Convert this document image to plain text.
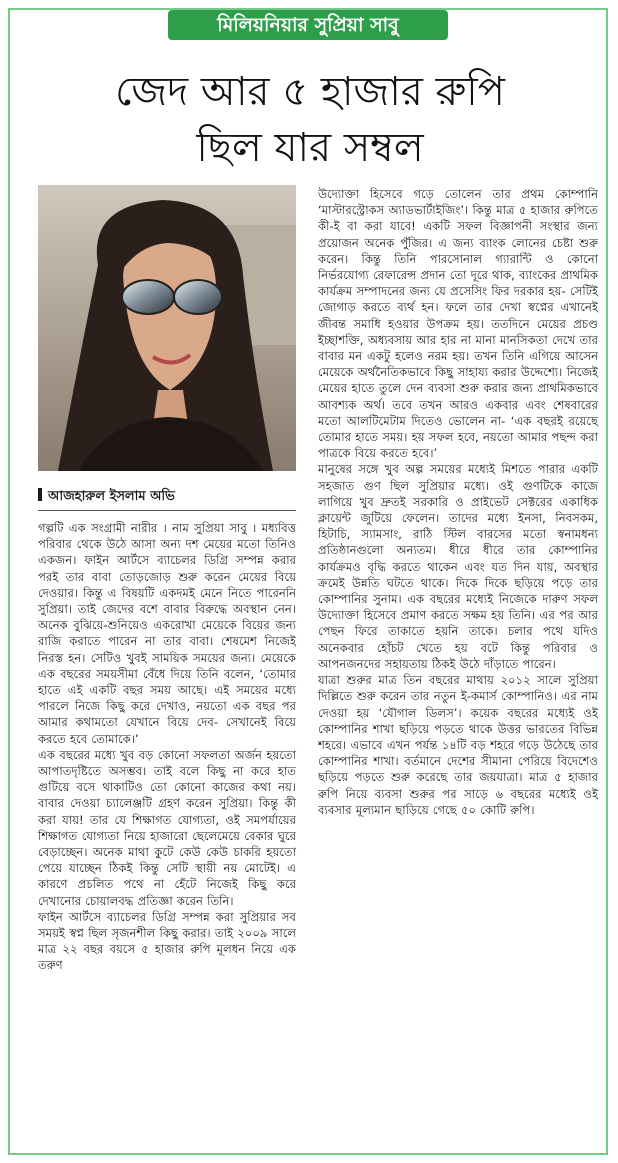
মিলিয়নিয়ার সুপ্রিয়া সাবু
জেদ আর ৫ হাজার রুপি
ছিল যার সম্বল
আজহারুল ইসলাম অভি

গল্পটি এক সংগ্রামী নারীর । নাম সুপ্রিয়া সাবু । মধ্যবিত্ত পরিবার থেকে উঠে আসা অন্য দশ মেয়ের মতো তিনিও একজন। ফাইন আর্টসে ব্যাচেলর ডিগ্রি সম্পন্ন করার পরই তার বাবা তোড়জোড় শুরু করেন মেয়ের বিয়ে দেওয়ার। কিন্তু এ বিষয়টি একদমই মেনে নিতে পারেননি সুপ্রিয়া। তাই জেদের বশে বাবার বিরুদ্ধে অবস্থান নেন। অনেক বুঝিয়ে-শুনিয়েও একরোখা মেয়েকে বিয়ের জন্য রাজি করাতে পারেন না তার বাবা। শেষমেশ নিজেই নিরস্ত হন। সেটিও খুবই সাময়িক সময়ের জন্য। মেয়েকে এক বছরের সময়সীমা বেঁধে দিয়ে তিনি বলেন, ‘তোমার হাতে এই একটি বছর সময় আছে। এই সময়ের মধ্যে পারলে নিজে কিছু করে দেখাও, নয়তো এক বছর পর আমার কথামতো যেখানে বিয়ে দেব- সেখানেই বিয়ে করতে হবে তোমাকে।’

এক বছরের মধ্যে খুব বড় কোনো সফলতা অর্জন হয়তো আপাতদৃষ্টিতে অসম্ভব। তাই বলে কিছু না করে হাত গুটিয়ে বসে থাকাটিও তো কোনো কাজের কথা নয়। বাবার দেওয়া চ্যালেঞ্জটি গ্রহণ করেন সুপ্রিয়া। কিন্তু কী করা যায়! তার যে শিক্ষাগত যোগ্যতা, ওই সমপর্যায়ের শিক্ষাগত যোগ্যতা নিয়ে হাজারো ছেলেমেয়ে বেকার ঘুরে বেড়াচ্ছেন। অনেক মাথা কুটে কেউ কেউ চাকরি হয়তো পেয়ে যাচ্ছেন ঠিকই কিন্তু সেটি স্থায়ী নয় মোটেই। এ কারণে প্রচলিত পথে না হেঁটে নিজেই কিছু করে দেখানোর চোয়ালবদ্ধ প্রতিজ্ঞা করেন তিনি।

ফাইন আর্টসে ব্যাচেলর ডিগ্রি সম্পন্ন করা সুপ্রিয়ার সব সময়ই স্বপ্ন ছিল সৃজনশীল কিছু করার। তাই ২০০৯ সালে মাত্র ২২ বছর বয়সে ৫ হাজার রুপি মূলধন নিয়ে এক তরুণ

উদ্যোক্তা হিসেবে গড়ে তোলেন তার প্রথম কোম্পানি ‘মাস্টারস্ট্রোকস অ্যাডভার্টাইজিং’। কিন্তু মাত্র ৫ হাজার রুপিতে কী-ই বা করা যাবে! একটি সফল বিজ্ঞাপনী সংস্থার জন্য প্রয়োজন অনেক পুঁজির। এ জন্য ব্যাংক লোনের চেষ্টা শুরু করেন। কিন্তু তিনি পারসোনাল গ্যারান্টি ও কোনো নির্ভরযোগ্য রেফারেন্স প্রদান তো দূরে থাক, ব্যাংকের প্রাথমিক কার্যক্রম সম্পাদনের জন্য যে প্রসেসিং ফির দরকার হয়- সেটিই জোগাড় করতে ব্যর্থ হন। ফলে তার দেখা স্বপ্নের এখানেই জীবন্ত সমাধি হওয়ার উপক্রম হয়। ততদিনে মেয়ের প্রচণ্ড ইচ্ছাশক্তি, অধ্যবসায় আর হার না মানা মানসিকতা দেখে তার বাবার মন একটু হলেও নরম হয়। তখন তিনি এগিয়ে আসেন মেয়েকে অর্থনৈতিকভাবে কিছু সাহায্য করার উদ্দেশ্যে। নিজেই মেয়ের হাতে তুলে দেন ব্যবসা শুরু করার জন্য প্রাথমিকভাবে আবশ্যক অর্থ। তবে তখন আরও একবার এবং শেষবারের মতো আলটিমেটাম দিতেও ভোলেন না- ‘এক বছরই রয়েছে তোমার হাতে সময়। হয় সফল হবে, নয়তো আমার পছন্দ করা পাত্রকে বিয়ে করতে হবে।’

মানুষের সঙ্গে খুব অল্প সময়ের মধ্যেই মিশতে পারার একটি সহজাত গুণ ছিল সুপ্রিয়ার মধ্যে। ওই গুণটিকে কাজে লাগিয়ে খুব দ্রুতই সরকারি ও প্রাইভেট সেক্টরের একাধিক ক্লায়েন্ট জুটিয়ে ফেলেন। তাদের মধ্যে ইনসা, নিবসকম, হিটাচি, স্যামসাং, রাঠি স্টিল বারসের মতো স্বনামধন্য প্রতিষ্ঠানগুলো অন্যতম। ধীরে ধীরে তার কোম্পানির কার্যক্রমও বৃদ্ধি করতে থাকেন এবং যত দিন যায়, অবস্থার ক্রমেই উন্নতি ঘটতে থাকে। দিকে দিকে ছড়িয়ে পড়ে তার কোম্পানির সুনাম। এক বছরের মধ্যেই নিজেকে দারুণ সফল উদ্যোক্তা হিসেবে প্রমাণ করতে সক্ষম হয় তিনি। এর পর আর পেছন ফিরে তাকাতে হয়নি তাকে। চলার পথে যদিও অনেকবার হোঁচট খেতে হয় বটে কিন্তু পরিবার ও আপনজনদের সহায়তায় ঠিকই উঠে দাঁড়াতে পারেন।

যাত্রা শুরুর মাত্র তিন বছরের মাথায় ২০১২ সালে সুপ্রিয়া দিল্লিতে শুরু করেন তার নতুন ই-কমার্স কোম্পানিও। এর নাম দেওয়া হয় ‘যৌগাল ডিলস’। কয়েক বছরের মধ্যেই ওই কোম্পানির শাখা ছড়িয়ে পড়তে থাকে উত্তর ভারতের বিভিন্ন শহরে। এভাবে এখন পর্যন্ত ১৪টি বড় শহরে গড়ে উঠেছে তার কোম্পানির শাখা। বর্তমানে দেশের সীমানা পেরিয়ে বিদেশেও ছড়িয়ে পড়তে শুরু করেছে তার জয়যাত্রা। মাত্র ৫ হাজার রুপি নিয়ে ব্যবসা শুরুর পর সাড়ে ৬ বছরের মধ্যেই ওই ব্যবসার মূল্যমান ছাড়িয়ে গেছে ৫০ কোটি রুপি।
